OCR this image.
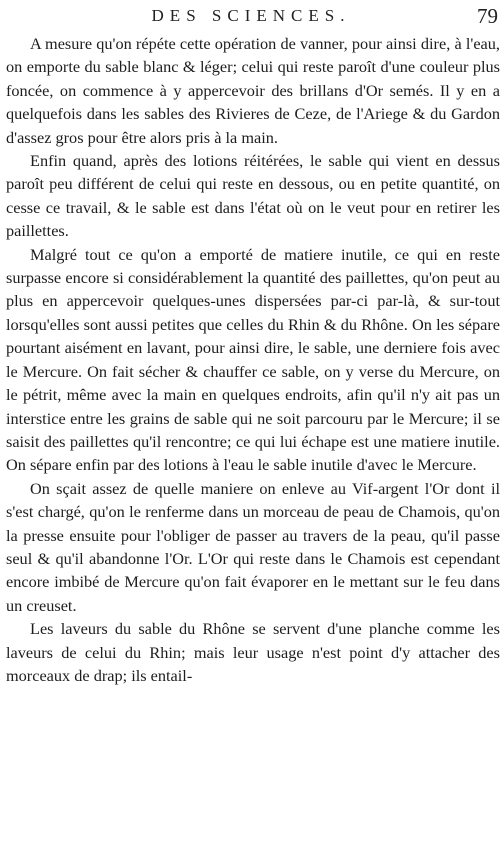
DES SCIENCES.	79

A mesure qu'on répéte cette opération de vanner, pour ainsi dire, à l'eau, on emporte du sable blanc & léger; celui qui reste paroît d'une couleur plus foncée, on commence à y appercevoir des brillans d'Or semés. Il y en a quelquefois dans les sables des Rivieres de Ceze, de l'Ariege & du Gardon d'assez gros pour être alors pris à la main.

Enfin quand, après des lotions réitérées, le sable qui vient en dessus paroît peu différent de celui qui reste en dessous, ou en petite quantité, on cesse ce travail, & le sable est dans l'état où on le veut pour en retirer les paillettes.

Malgré tout ce qu'on a emporté de matiere inutile, ce qui en reste surpasse encore si considérablement la quantité des paillettes, qu'on peut au plus en appercevoir quelques-unes dispersées par-ci par-là, & sur-tout lorsqu'elles sont aussi petites que celles du Rhin & du Rhône. On les sépare pourtant aisément en lavant, pour ainsi dire, le sable, une derniere fois avec le Mercure. On fait sécher & chauffer ce sable, on y verse du Mercure, on le pétrit, même avec la main en quelques endroits, afin qu'il n'y ait pas un interstice entre les grains de sable qui ne soit parcouru par le Mercure; il se saisit des paillettes qu'il rencontre; ce qui lui échape est une matiere inutile. On sépare enfin par des lotions à l'eau le sable inutile d'avec le Mercure.

On sçait assez de quelle maniere on enleve au Vif-argent l'Or dont il s'est chargé, qu'on le renferme dans un morceau de peau de Chamois, qu'on la presse ensuite pour l'obliger de passer au travers de la peau, qu'il passe seul & qu'il abandonne l'Or. L'Or qui reste dans le Chamois est cependant encore imbibé de Mercure qu'on fait évaporer en le mettant sur le feu dans un creuset.

Les laveurs du sable du Rhône se servent d'une planche comme les laveurs de celui du Rhin; mais leur usage n'est point d'y attacher des morceaux de drap; ils entail-
